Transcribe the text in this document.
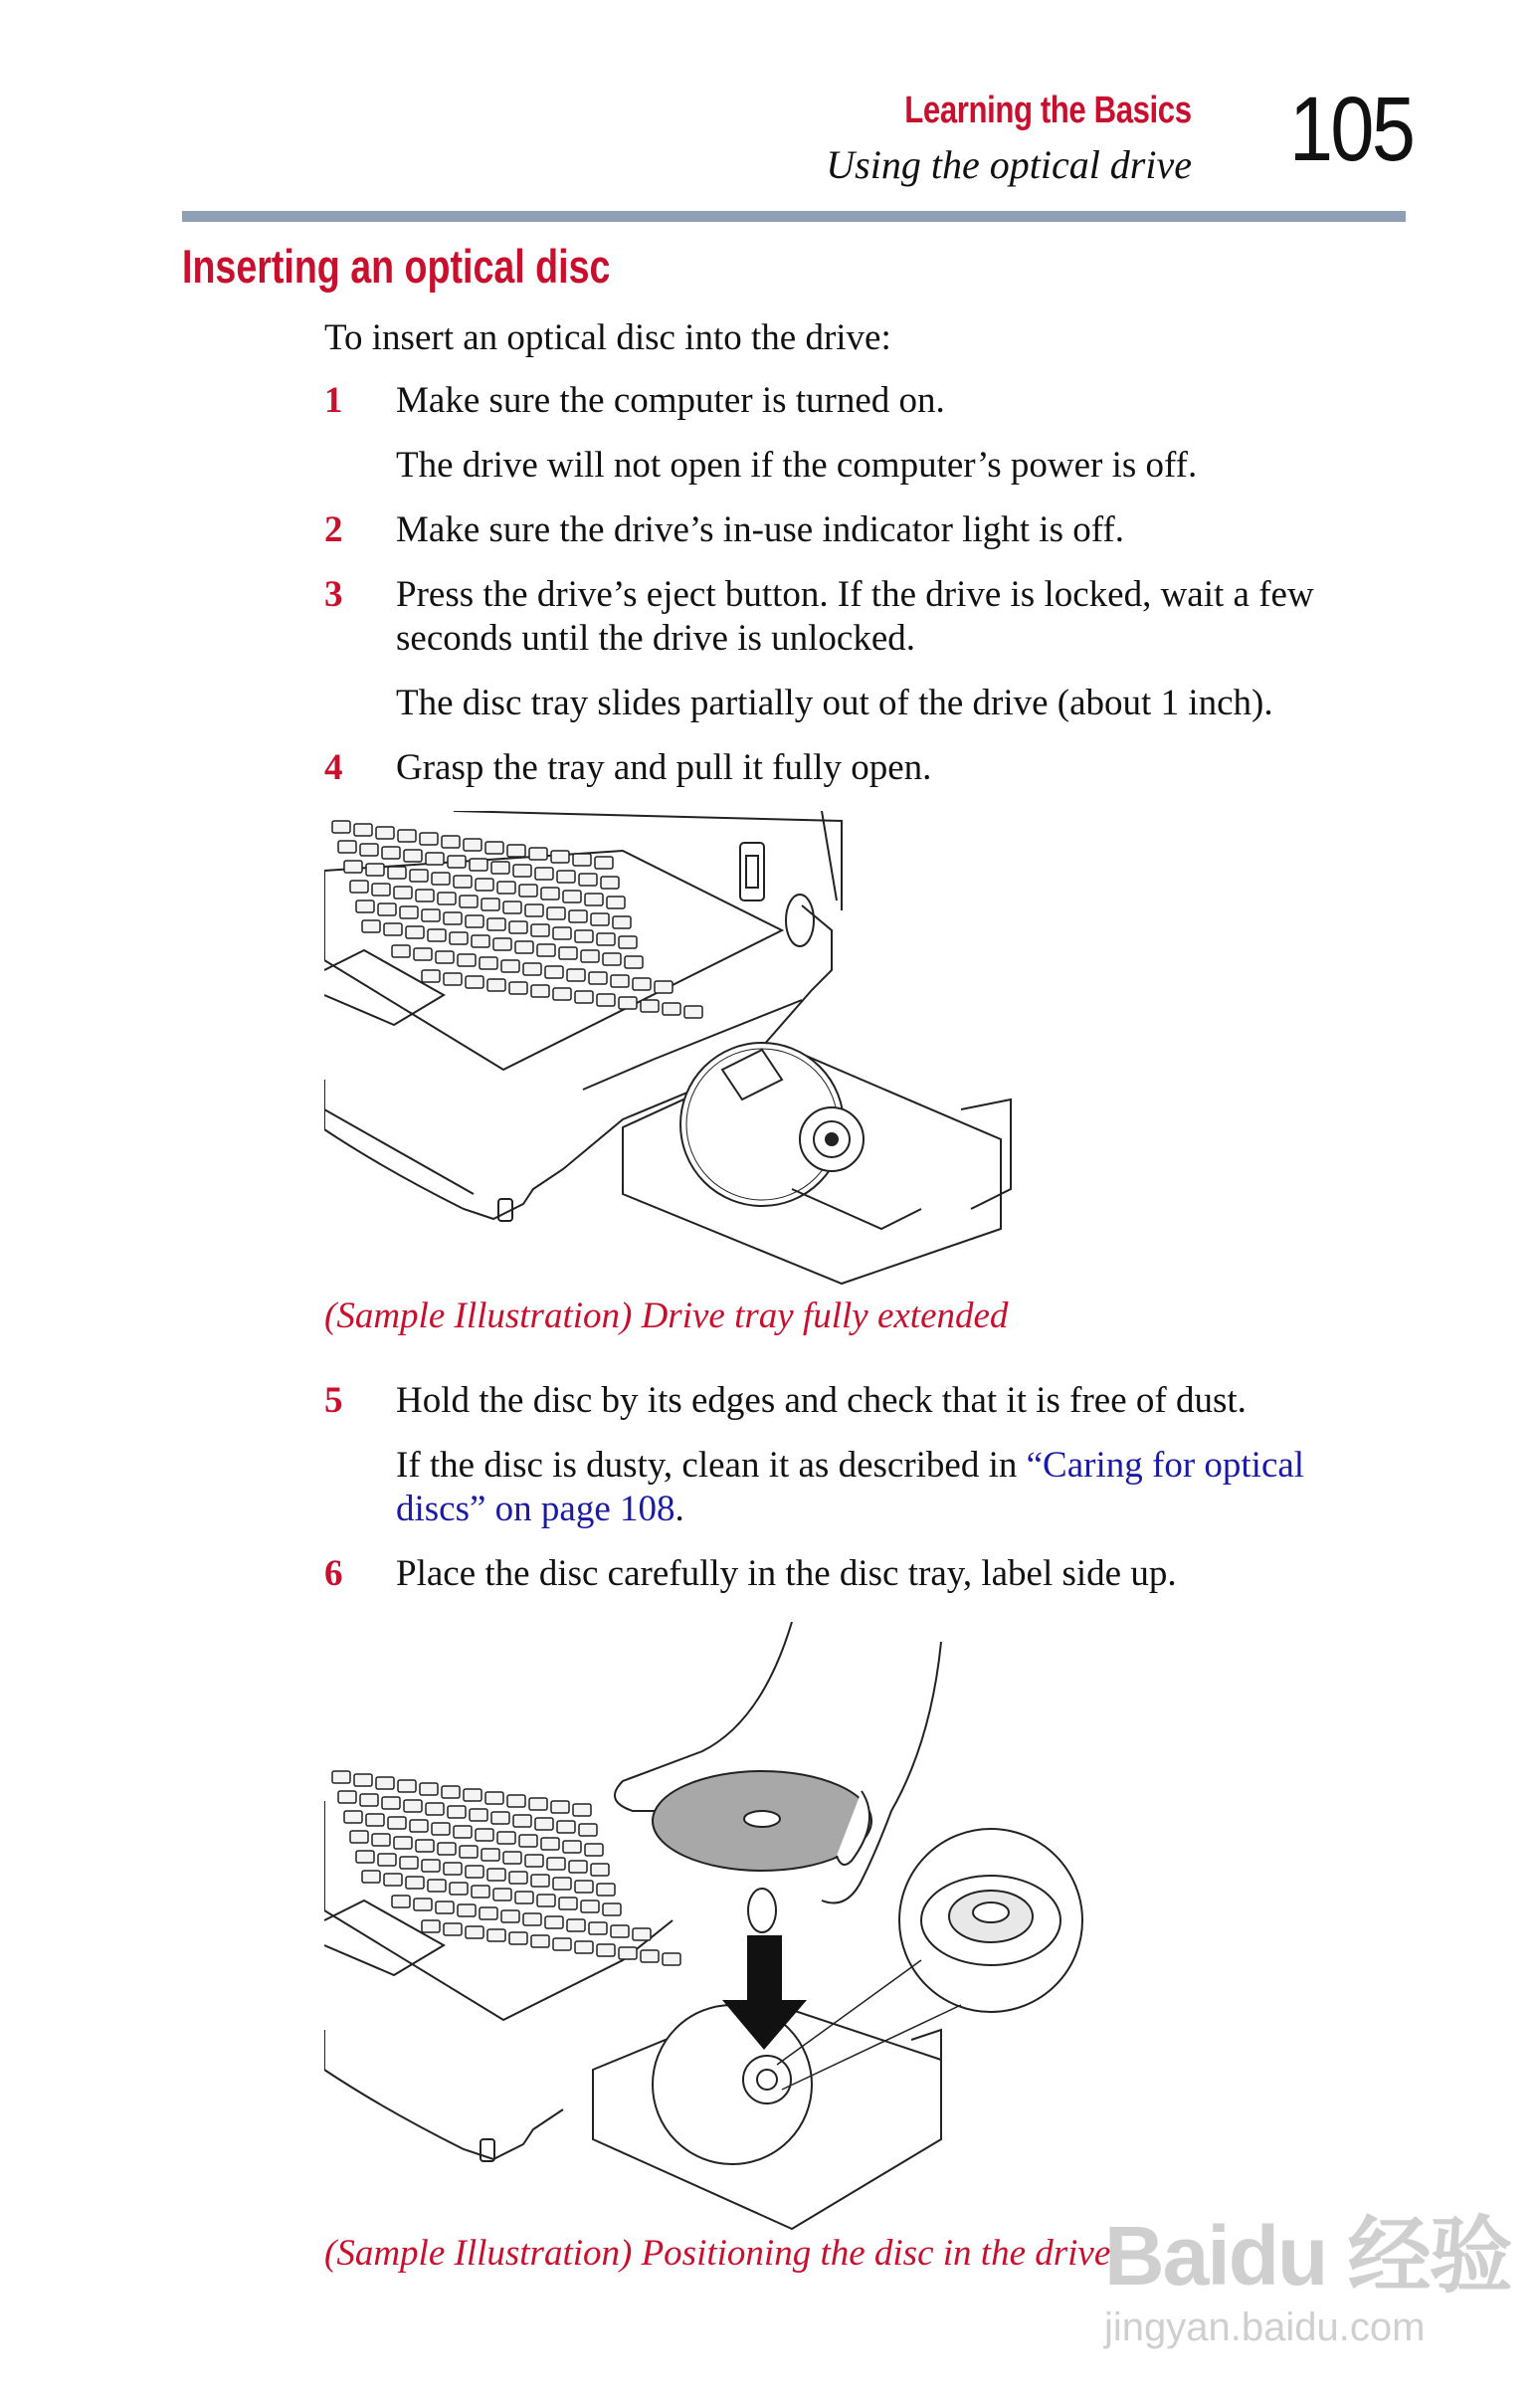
Learning the Basics
Using the optical drive 105
Inserting an optical disc
To insert an optical disc into the drive:
1 Make sure the computer is turned on.
The drive will not open if the computer’s power is off.
2 Make sure the drive’s in-use indicator light is off.
3 Press the drive’s eject button. If the drive is locked, wait a few
seconds until the drive is unlocked.
The disc tray slides partially out of the drive (about 1 inch).
4 Grasp the tray and pull it fully open.
(Sample Illustration) Drive tray fully extended
5 Hold the disc by its edges and check that it is free of dust.
If the disc is dusty, clean it as described in “Caring for optical
discs” on page 108.
6 Place the disc carefully in the disc tray, label side up.
(Sample Illustration) Positioning the disc in the drive
Baidu 经验
jingyan.baidu.com
